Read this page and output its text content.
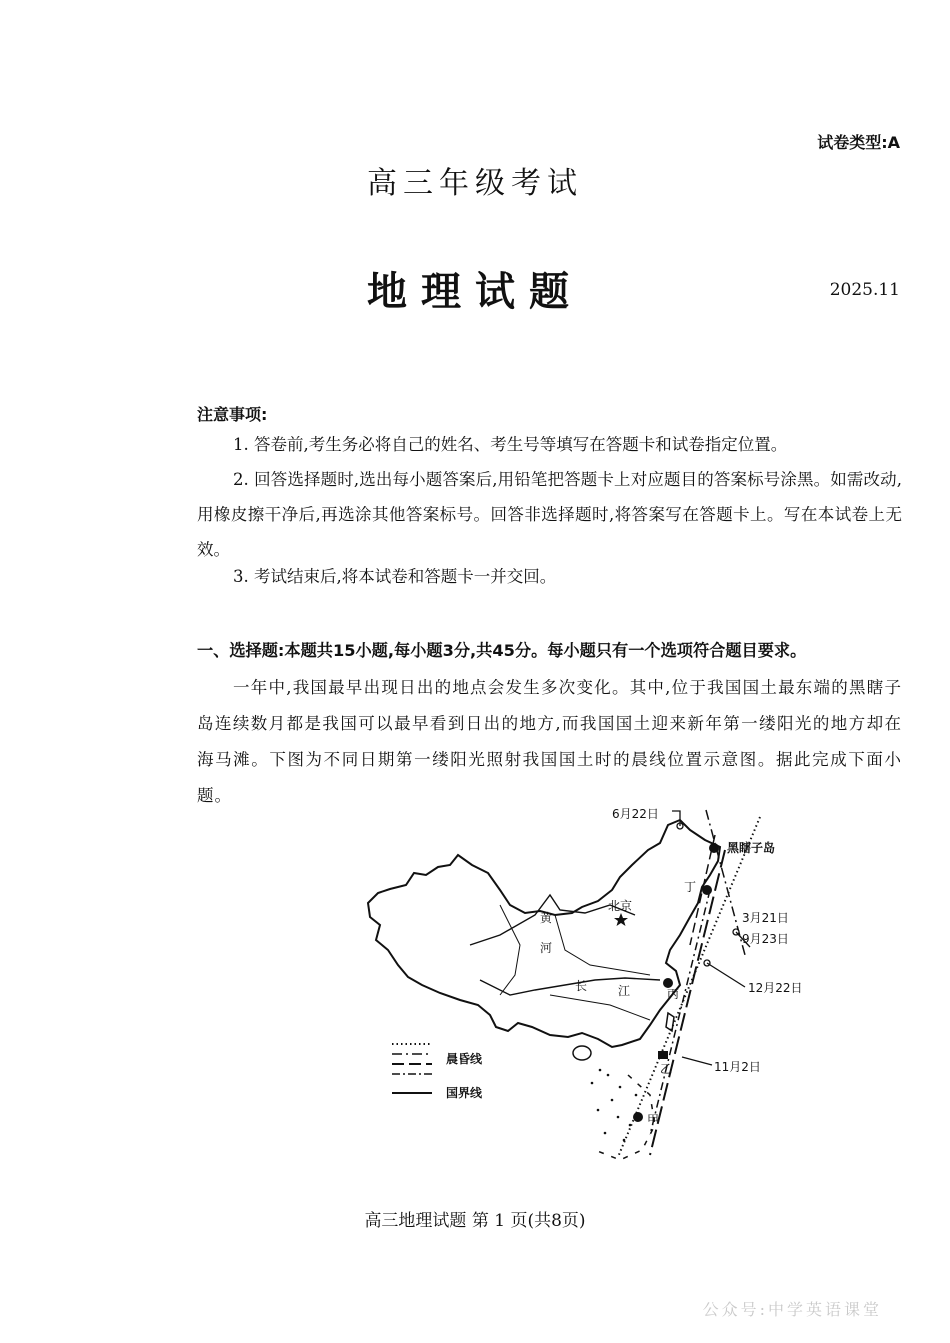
试卷类型:A
高三年级考试
地理试题	2025.11
注意事项:
1. 答卷前,考生务必将自己的姓名、考生号等填写在答题卡和试卷指定位置。
2. 回答选择题时,选出每小题答案后,用铅笔把答题卡上对应题目的答案标号涂黑。如需改动,用橡皮擦干净后,再选涂其他答案标号。回答非选择题时,将答案写在答题卡上。写在本试卷上无效。
3. 考试结束后,将本试卷和答题卡一并交回。
一、选择题:本题共15小题,每小题3分,共45分。每小题只有一个选项符合题目要求。
一年中,我国最早出现日出的地点会发生多次变化。其中,位于我国国土最东端的黑瞎子岛连续数月都是我国可以最早看到日出的地方,而我国国土迎来新年第一缕阳光的地方却在海马滩。下图为不同日期第一缕阳光照射我国国土时的晨线位置示意图。据此完成下面小题。
6月22日
黑瞎子岛
丁
北京
黄
河
长	江	丙
3月21日
9月23日
12月22日
11月2日
乙
甲
晨昏线
国界线
高三地理试题 第 1 页(共8页)
公众号:中学英语课堂
